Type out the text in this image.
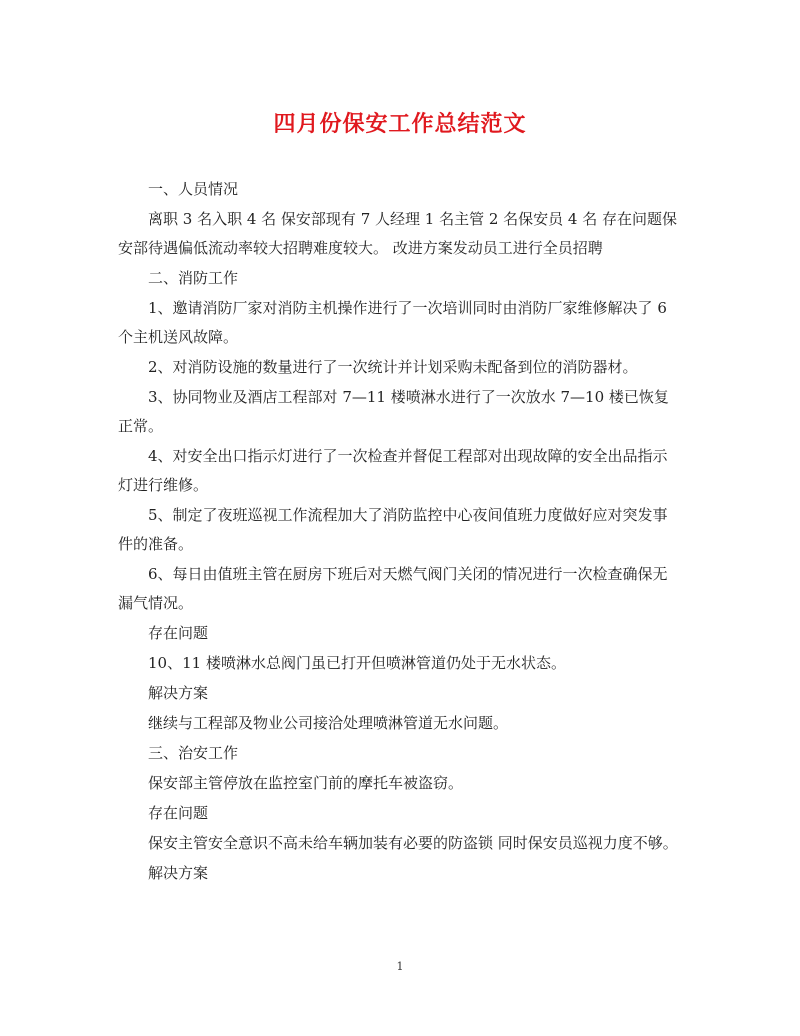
四月份保安工作总结范文

一、人员情况

离职 3 名入职 4 名 保安部现有 7 人经理 1 名主管 2 名保安员 4 名 存在问题保安部待遇偏低流动率较大招聘难度较大。 改进方案发动员工进行全员招聘

二、消防工作

1、邀请消防厂家对消防主机操作进行了一次培训同时由消防厂家维修解决了 6 个主机送风故障。

2、对消防设施的数量进行了一次统计并计划采购未配备到位的消防器材。

3、协同物业及酒店工程部对 7—11 楼喷淋水进行了一次放水 7—10 楼已恢复正常。

4、对安全出口指示灯进行了一次检查并督促工程部对出现故障的安全出品指示灯进行维修。

5、制定了夜班巡视工作流程加大了消防监控中心夜间值班力度做好应对突发事件的准备。

6、每日由值班主管在厨房下班后对天燃气阀门关闭的情况进行一次检查确保无漏气情况。

存在问题

10、11 楼喷淋水总阀门虽已打开但喷淋管道仍处于无水状态。

解决方案

继续与工程部及物业公司接洽处理喷淋管道无水问题。

三、治安工作

保安部主管停放在监控室门前的摩托车被盗窃。

存在问题

保安主管安全意识不高未给车辆加装有必要的防盗锁 同时保安员巡视力度不够。

解决方案

1
